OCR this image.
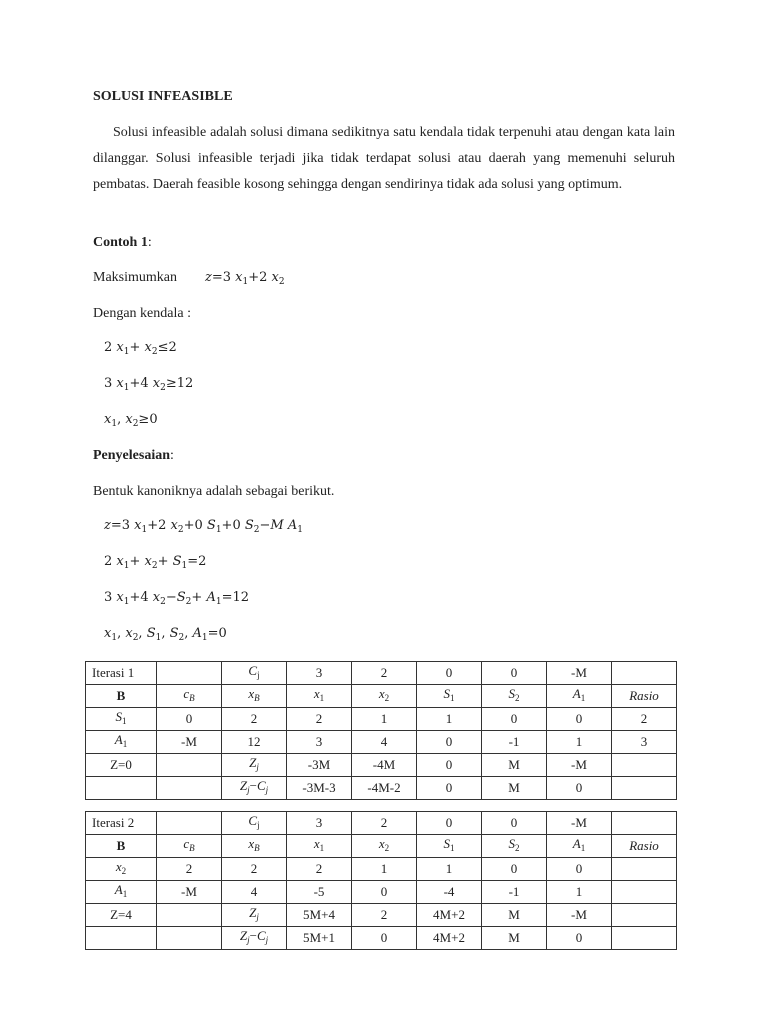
SOLUSI INFEASIBLE
Solusi infeasible adalah solusi dimana sedikitnya satu kendala tidak terpenuhi atau dengan kata lain dilanggar. Solusi infeasible terjadi jika tidak terdapat solusi atau daerah yang memenuhi seluruh pembatas. Daerah feasible kosong sehingga dengan sendirinya tidak ada solusi yang optimum.
Contoh 1:
Maksimumkan z=3 $x_1+2$ $x_2$
Dengan kendala :
2 $x_1+ x_2\le 2$
3 $x_1+4$ $x_2\ge 12$
$x_1$, $x_2\ge 0$
Penyelesaian:
Bentuk kanoniknya adalah sebagai berikut.
z=3 $x_1+2$ $x_2+0$ $S_1+0$ $S_2-M$ $A_1$
2 $x_1+ x_2+ S_1=2$
3 $x_1+4$ $x_2-S_2+ A_1=12$
$x_1$, $x_2$, $S_1$, $S_2$, $A_1=0$
Iterasi 1		$C_j$	3	2	0	0	-M	
B	$c_B$	$x_B$	$x_1$	$x_2$	$S_1$	$S_2$	$A_1$	Rasio
$S_1$	0	2	2	1	1	0	0	2
$A_1$	-M	12	3	4	0	-1	1	3
Z=0		$Z_j$	-3M	-4M	0	M	-M	
		$Z_j-C_j$	-3M-3	-4M-2	0	M	0	
Iterasi 2		$C_j$	3	2	0	0	-M	
B	$c_B$	$x_B$	$x_1$	$x_2$	$S_1$	$S_2$	$A_1$	Rasio
$x_2$	2	2	2	1	1	0	0	
$A_1$	-M	4	-5	0	-4	-1	1	
Z=4		$Z_j$	5M+4	2	4M+2	M	-M	
		$Z_j-C_j$	5M+1	0	4M+2	M	0	
